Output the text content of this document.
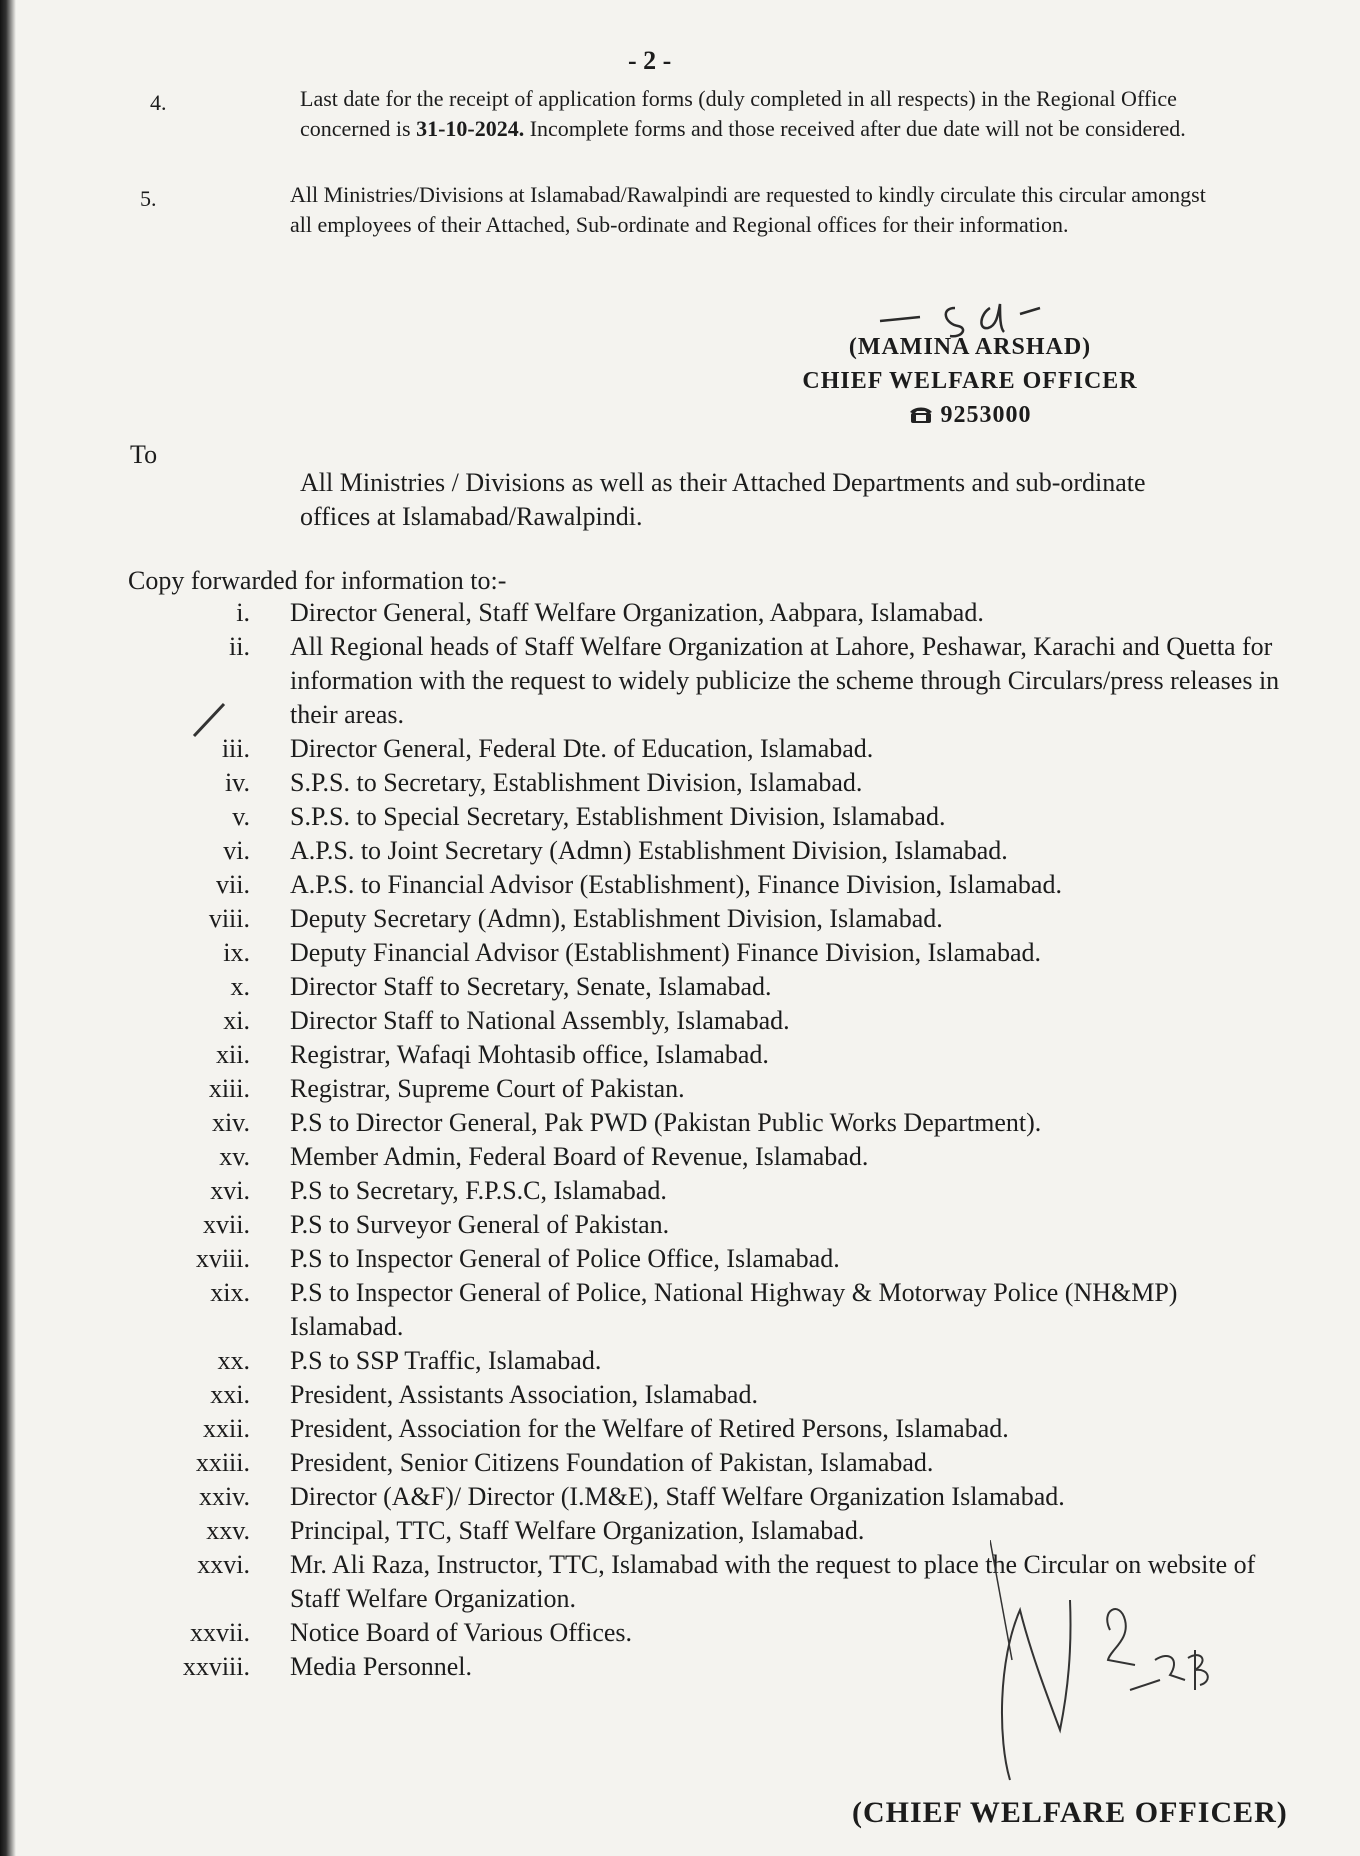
- 2 -
4.	Last date for the receipt of application forms (duly completed in all respects) in the Regional Office concerned is 31-10-2024. Incomplete forms and those received after due date will not be considered.
5.	All Ministries/Divisions at Islamabad/Rawalpindi are requested to kindly circulate this circular amongst all employees of their Attached, Sub-ordinate and Regional offices for their information.
(MAMINA ARSHAD)
CHIEF WELFARE OFFICER
9253000
To
All Ministries / Divisions as well as their Attached Departments and sub-ordinate offices at Islamabad/Rawalpindi.
Copy forwarded for information to:-
i.	Director General, Staff Welfare Organization, Aabpara, Islamabad.
ii.	All Regional heads of Staff Welfare Organization at Lahore, Peshawar, Karachi and Quetta for information with the request to widely publicize the scheme through Circulars/press releases in their areas.
iii.	Director General, Federal Dte. of Education, Islamabad.
iv.	S.P.S. to Secretary, Establishment Division, Islamabad.
v.	S.P.S. to Special Secretary, Establishment Division, Islamabad.
vi.	A.P.S. to Joint Secretary (Admn) Establishment Division, Islamabad.
vii.	A.P.S. to Financial Advisor (Establishment), Finance Division, Islamabad.
viii.	Deputy Secretary (Admn), Establishment Division, Islamabad.
ix.	Deputy Financial Advisor (Establishment) Finance Division, Islamabad.
x.	Director Staff to Secretary, Senate, Islamabad.
xi.	Director Staff to National Assembly, Islamabad.
xii.	Registrar, Wafaqi Mohtasib office, Islamabad.
xiii.	Registrar, Supreme Court of Pakistan.
xiv.	P.S to Director General, Pak PWD (Pakistan Public Works Department).
xv.	Member Admin, Federal Board of Revenue, Islamabad.
xvi.	P.S to Secretary, F.P.S.C, Islamabad.
xvii.	P.S to Surveyor General of Pakistan.
xviii.	P.S to Inspector General of Police Office, Islamabad.
xix.	P.S to Inspector General of Police, National Highway & Motorway Police (NH&MP) Islamabad.
xx.	P.S to SSP Traffic, Islamabad.
xxi.	President, Assistants Association, Islamabad.
xxii.	President, Association for the Welfare of Retired Persons, Islamabad.
xxiii.	President, Senior Citizens Foundation of Pakistan, Islamabad.
xxiv.	Director (A&F)/ Director (I.M&E), Staff Welfare Organization Islamabad.
xxv.	Principal, TTC, Staff Welfare Organization, Islamabad.
xxvi.	Mr. Ali Raza, Instructor, TTC, Islamabad with the request to place the Circular on website of Staff Welfare Organization.
xxvii.	Notice Board of Various Offices.
xxviii.	Media Personnel.
(CHIEF WELFARE OFFICER)
